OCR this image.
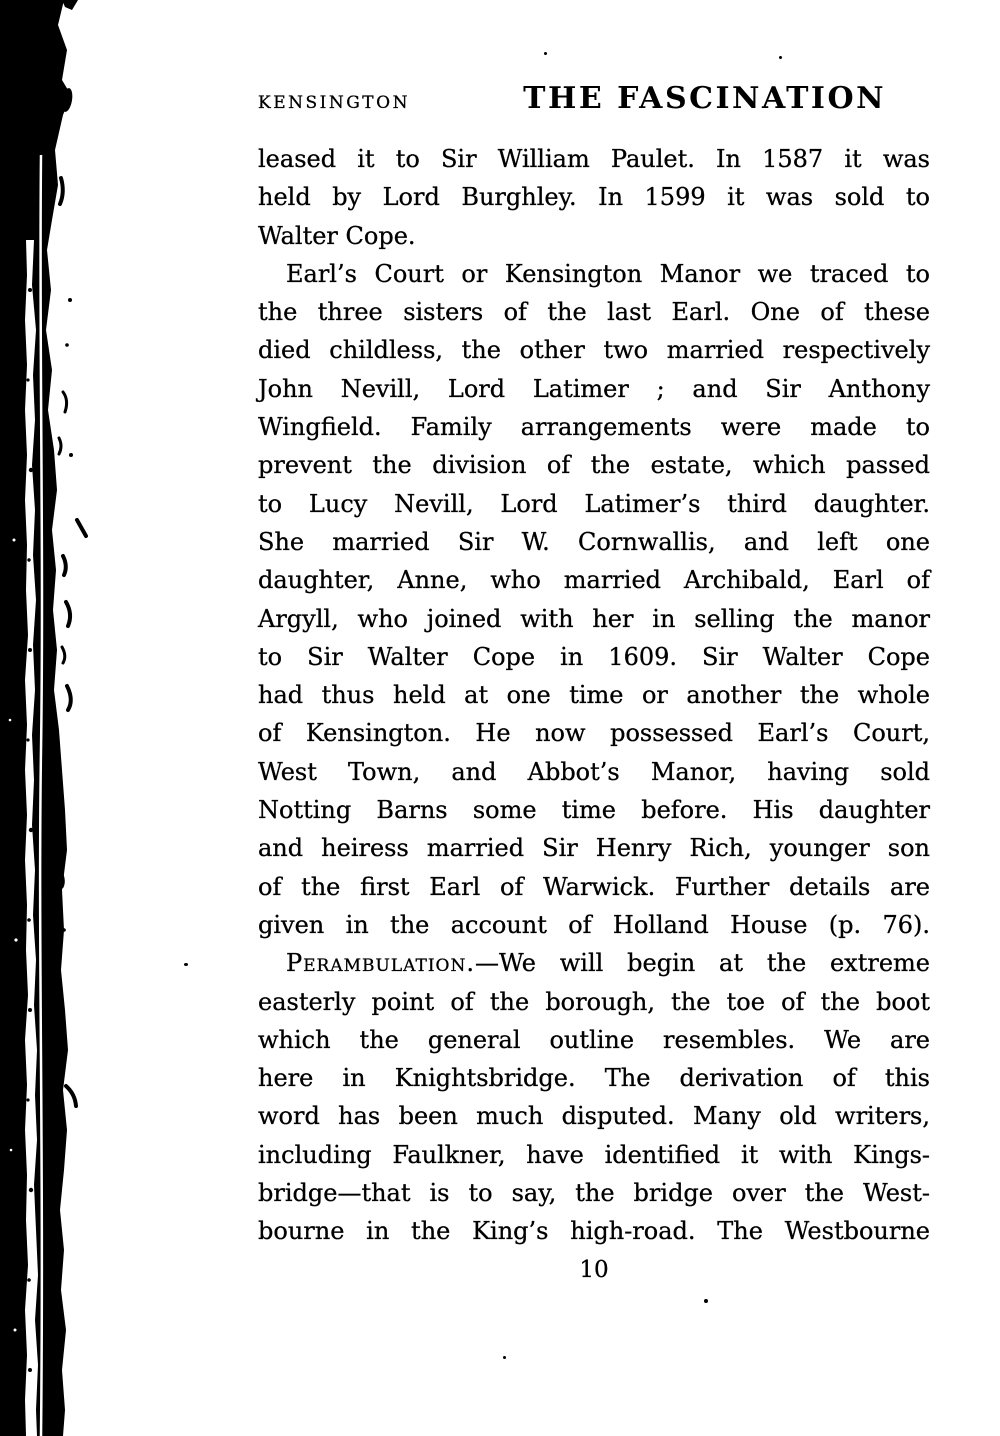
KENSINGTON	THE FASCINATION
leased it to Sir William Paulet. In 1587 it was
held by Lord Burghley. In 1599 it was sold to
Walter Cope.
Earl’s Court or Kensington Manor we traced to
the three sisters of the last Earl. One of these
died childless, the other two married respectively
John Nevill, Lord Latimer ; and Sir Anthony
Wingfield. Family arrangements were made to
prevent the division of the estate, which passed
to Lucy Nevill, Lord Latimer’s third daughter.
She married Sir W. Cornwallis, and left one
daughter, Anne, who married Archibald, Earl of
Argyll, who joined with her in selling the manor
to Sir Walter Cope in 1609. Sir Walter Cope
had thus held at one time or another the whole
of Kensington. He now possessed Earl’s Court,
West Town, and Abbot’s Manor, having sold
Notting Barns some time before. His daughter
and heiress married Sir Henry Rich, younger son
of the first Earl of Warwick. Further details are
given in the account of Holland House (p. 76).
Perambulation.—We will begin at the extreme
easterly point of the borough, the toe of the boot
which the general outline resembles. We are
here in Knightsbridge. The derivation of this
word has been much disputed. Many old writers,
including Faulkner, have identified it with Kings-
bridge—that is to say, the bridge over the West-
bourne in the King’s high-road. The Westbourne
10
